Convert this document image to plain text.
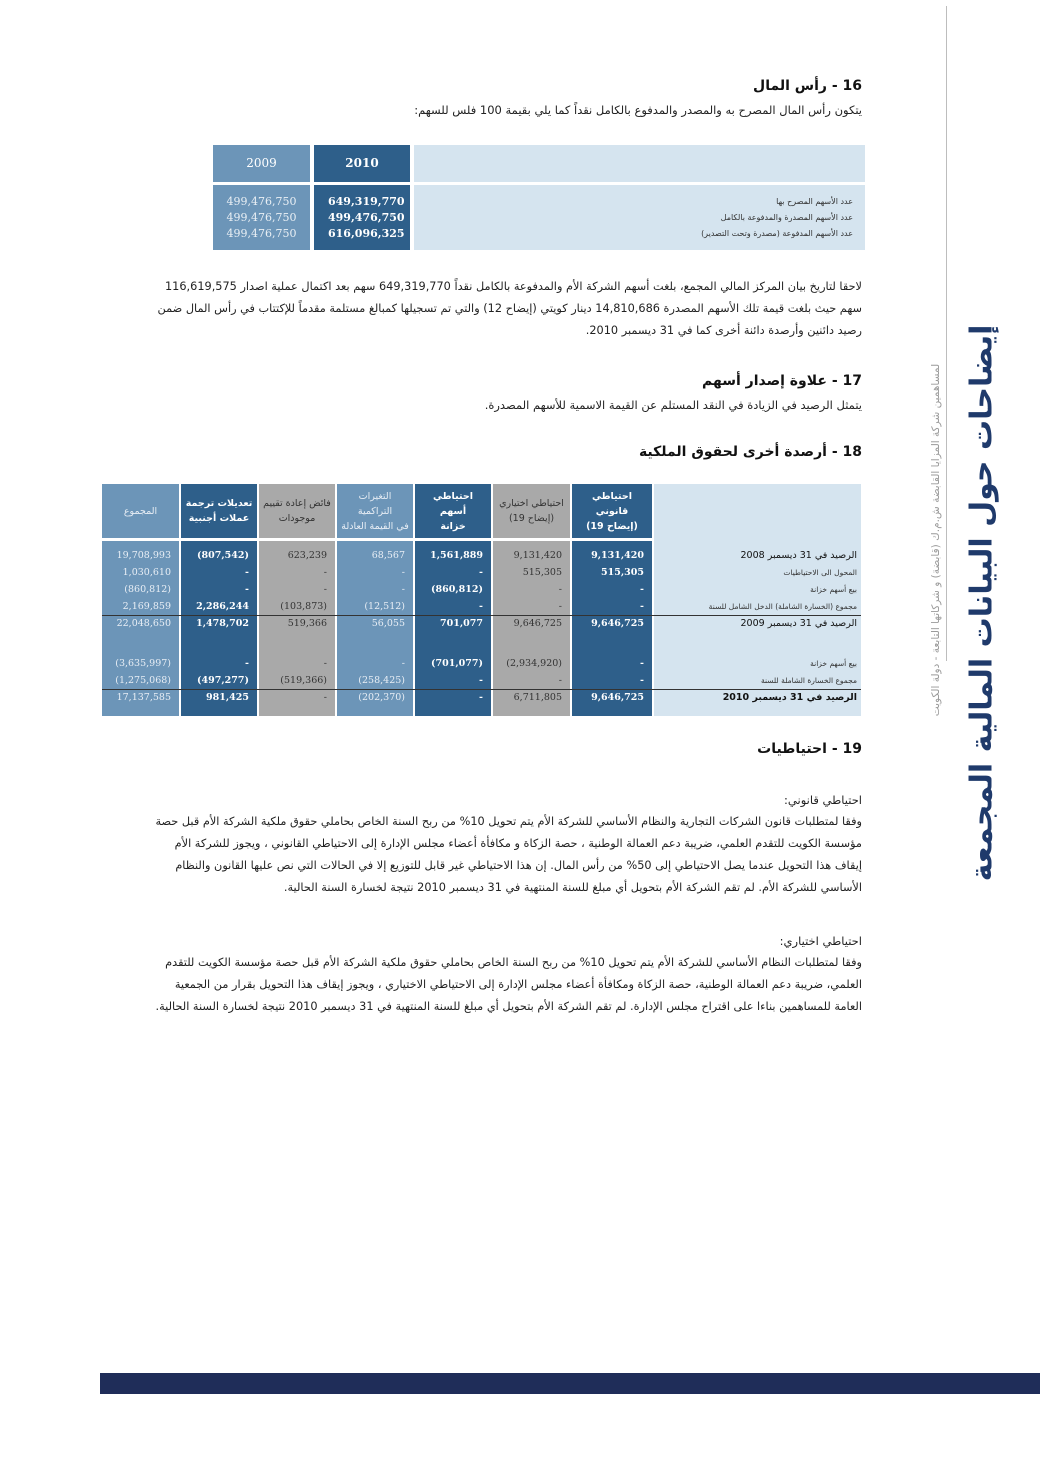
إيضاحات حول البيانات المالية المجمعة
لمساهمين شركة المزايا القابضة ش.م.ك (قابضة) و شركاتها التابعة - دولة الكويت
16 - رأس المال
يتكون رأس المال المصرح به والمصدر والمدفوع بالكامل نقداً كما يلي بقيمة 100 فلس للسهم:
2009	2010
499,476,750
499,476,750
499,476,750
649,319,770
499,476,750
616,096,325
عدد الأسهم المصرح بها
عدد الأسهم المصدرة والمدفوعة بالكامل
عدد الأسهم المدفوعة (مصدرة وتحت التصدير)
لاحقا لتاريخ بيان المركز المالي المجمع، بلغت أسهم الشركة الأم والمدفوعة بالكامل نقداً 649,319,770 سهم بعد اكتمال عملية اصدار 116,619,575
سهم حيث بلغت قيمة تلك الأسهم المصدرة 14,810,686 دينار كويتي (إيضاح 12) والتي تم تسجيلها كمبالغ مستلمة مقدماً للإكتتاب في رأس المال ضمن
رصيد دائنين وأرصدة دائنة أخرى كما في 31 ديسمبر 2010.
17 - علاوة إصدار أسهم
يتمثل الرصيد في الزيادة في النقد المستلم عن القيمة الاسمية للأسهم المصدرة.
18 - أرصدة أخرى لحقوق الملكية
الرصيد في 31 ديسمبر 2008
المحول الى الاحتياطيات
بيع أسهم خزانة
مجموع (الخسارة الشاملة) الدخل الشامل للسنة
الرصيد في 31 ديسمبر 2009
بيع أسهم خزانة
مجموع الخسارة الشاملة للسنة
الرصيد في 31 ديسمبر 2010
احتياطي قانوني
(إيضاح 19)
9,131,420
515,305
-
-
9,646,725
-
-
9,646,725
احتياطي اختياري
(إيضاح 19)
9,131,420
515,305
-
-
9,646,725
(2,934,920)
-
6,711,805
احتياطي أسهم
خزانة
1,561,889
-
(860,812)
-
701,077
(701,077)
-
-
التغيرات التراكمية
في القيمة العادلة
68,567
-
-
(12,512)
56,055
-
(258,425)
(202,370)
فائض إعادة تقييم
موجودات
623,239
-
-
(103,873)
519,366
-
(519,366)
-
تعديلات ترجمة
عملات أجنبية
(807,542)
-
-
2,286,244
1,478,702
-
(497,277)
981,425
المجموع
19,708,993
1,030,610
(860,812)
2,169,859
22,048,650
(3,635,997)
(1,275,068)
17,137,585
19 - احتياطيات
احتياطي قانوني:
وفقا لمتطلبات قانون الشركات التجارية والنظام الأساسي للشركة الأم يتم تحويل 10% من ربح السنة الخاص بحاملي حقوق ملكية الشركة الأم قبل حصة
مؤسسة الكويت للتقدم العلمي، ضريبة دعم العمالة الوطنية ، حصة الزكاة و مكافأة أعضاء مجلس الإدارة إلى الاحتياطي القانوني ، ويجوز للشركة الأم
إيقاف هذا التحويل عندما يصل الاحتياطي إلى 50% من رأس المال. إن هذا الاحتياطي غير قابل للتوزيع إلا في الحالات التي نص عليها القانون والنظام
الأساسي للشركة الأم. لم تقم الشركة الأم بتحويل أي مبلغ للسنة المنتهية في 31 ديسمبر 2010 نتيجة لخسارة السنة الحالية.
احتياطي اختياري:
وفقا لمتطلبات النظام الأساسي للشركة الأم يتم تحويل 10% من ربح السنة الخاص بحاملي حقوق ملكية الشركة الأم قبل حصة مؤسسة الكويت للتقدم
العلمي، ضريبة دعم العمالة الوطنية، حصة الزكاة ومكافأة أعضاء مجلس الإدارة إلى الاحتياطي الاختياري ، ويجوز إيقاف هذا التحويل بقرار من الجمعية
العامة للمساهمين بناءا على اقتراح مجلس الإدارة. لم تقم الشركة الأم بتحويل أي مبلغ للسنة المنتهية في 31 ديسمبر 2010 نتيجة لخسارة السنة الحالية.
